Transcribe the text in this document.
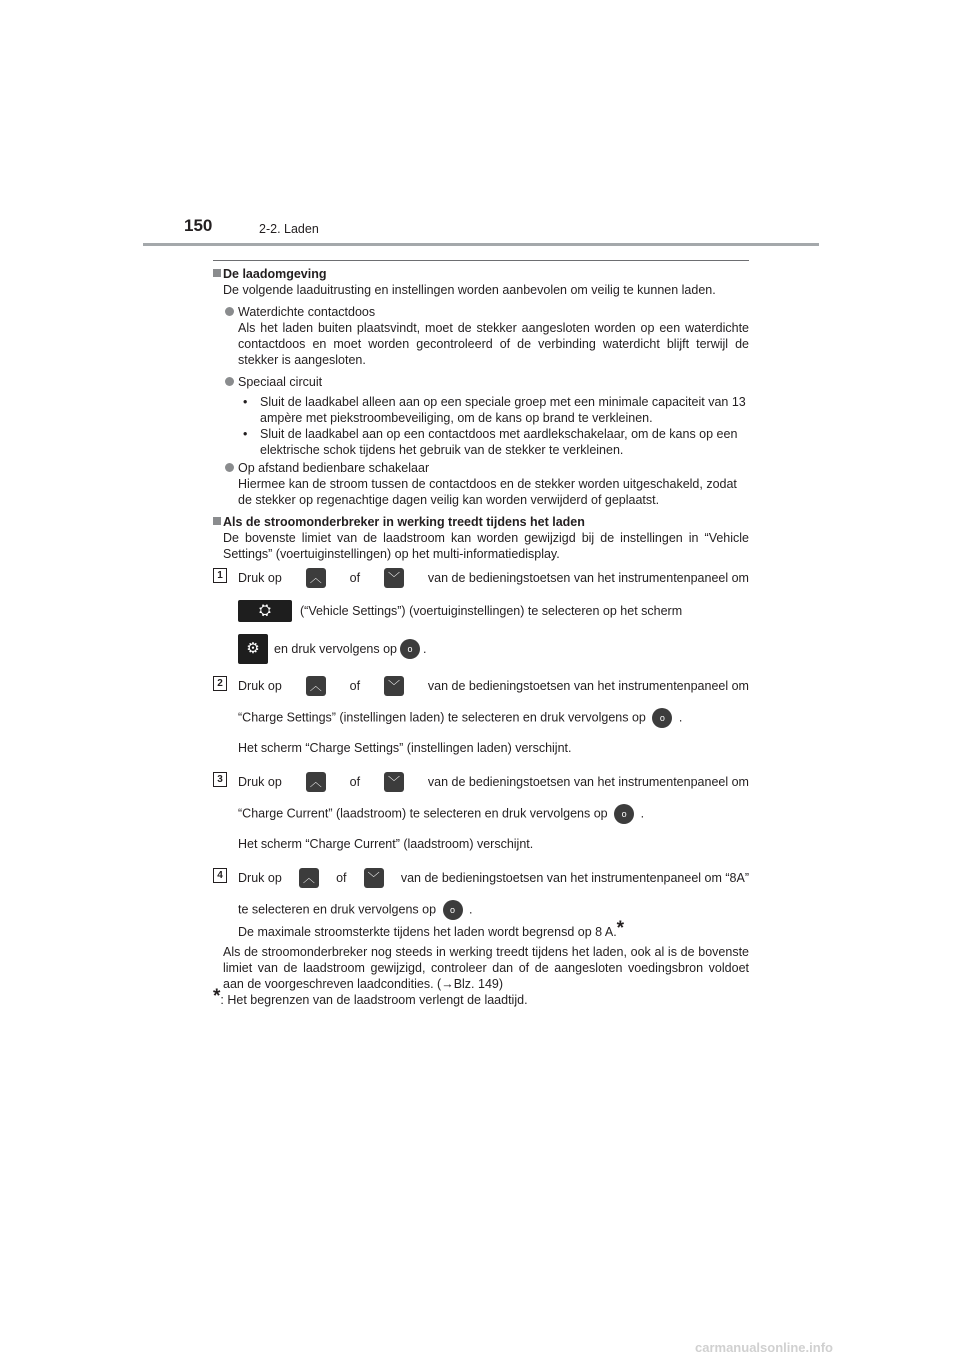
150	2-2. Laden

De laadomgeving

De volgende laaduitrusting en instellingen worden aanbevolen om veilig te kunnen laden.

Waterdichte contactdoos

Als het laden buiten plaatsvindt, moet de stekker aangesloten worden op een waterdichte contactdoos en moet worden gecontroleerd of de verbinding waterdicht blijft terwijl de stekker is aangesloten.

Speciaal circuit

• Sluit de laadkabel alleen aan op een speciale groep met een minimale capaciteit van 13 ampère met piekstroombeveiliging, om de kans op brand te verkleinen.

• Sluit de laadkabel aan op een contactdoos met aardlekschakelaar, om de kans op een elektrische schok tijdens het gebruik van de stekker te verkleinen.

Op afstand bedienbare schakelaar

Hiermee kan de stroom tussen de contactdoos en de stekker worden uitgeschakeld, zodat de stekker op regenachtige dagen veilig kan worden verwijderd of geplaatst.

Als de stroomonderbreker in werking treedt tijdens het laden

De bovenste limiet van de laadstroom kan worden gewijzigd bij de instellingen in “Vehicle Settings” (voertuiginstellingen) op het multi-informatiedisplay.

1	Druk op	︿	of	﹀	van de bedieningstoetsen van het instrumentenpaneel om

⛭	(“Vehicle Settings”) (voertuiginstellingen) te selecteren op het scherm

⚙	en druk vervolgens op	o .

2	Druk op	︿	of	﹀	van de bedieningstoetsen van het instrumentenpaneel om

“Charge Settings” (instellingen laden) te selecteren en druk vervolgens op o .

Het scherm “Charge Settings” (instellingen laden) verschijnt.

3	Druk op	︿	of	﹀	van de bedieningstoetsen van het instrumentenpaneel om

“Charge Current” (laadstroom) te selecteren en druk vervolgens op o .

Het scherm “Charge Current” (laadstroom) verschijnt.

4	Druk op	︿	of	﹀	van de bedieningstoetsen van het instrumentenpaneel om “8A”

te selecteren en druk vervolgens op o .

De maximale stroomsterkte tijdens het laden wordt begrensd op 8 A.*

Als de stroomonderbreker nog steeds in werking treedt tijdens het laden, ook al is de bovenste limiet van de laadstroom gewijzigd, controleer dan of de aangesloten voedingsbron voldoet aan de voorgeschreven laadcondities. (→Blz. 149)

*: Het begrenzen van de laadstroom verlengt de laadtijd.

carmanualsonline.info
